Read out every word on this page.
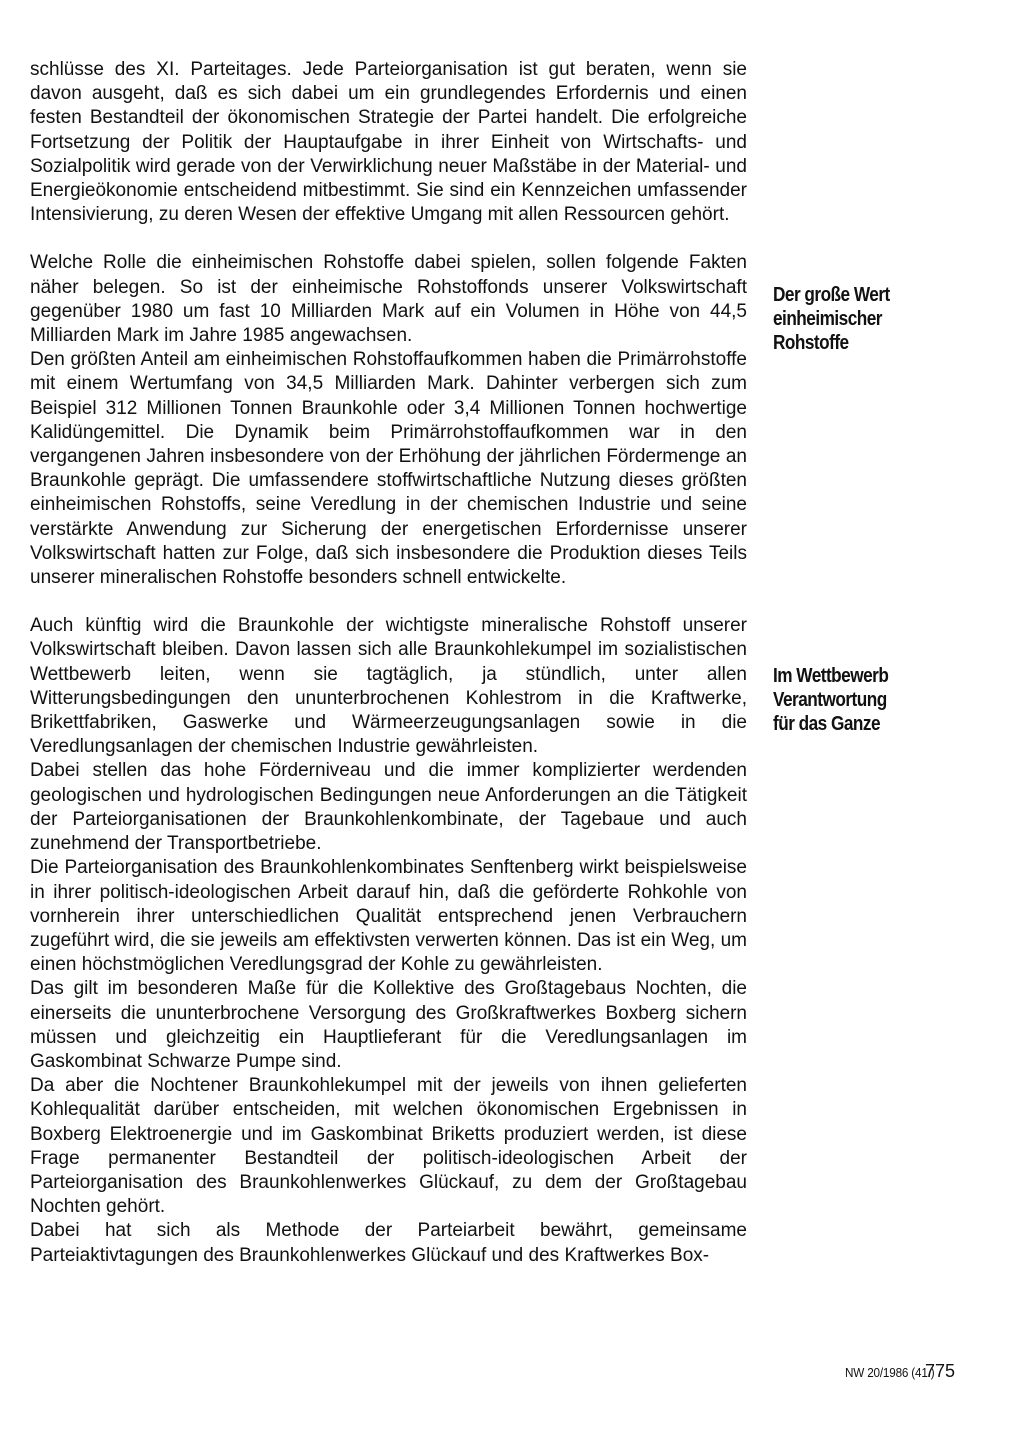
schlüsse des XI. Parteitages. Jede Parteiorganisation ist gut beraten, wenn sie davon ausgeht, daß es sich dabei um ein grundlegendes Erfordernis und einen festen Bestandteil der ökonomischen Strategie der Partei handelt. Die erfolgreiche Fortsetzung der Politik der Hauptaufgabe in ihrer Einheit von Wirtschafts- und Sozialpolitik wird gerade von der Verwirklichung neuer Maßstäbe in der Material- und Energieökonomie entscheidend mitbestimmt. Sie sind ein Kennzeichen umfassender Intensivierung, zu deren Wesen der effektive Umgang mit allen Ressourcen gehört.

Welche Rolle die einheimischen Rohstoffe dabei spielen, sollen folgende Fakten näher belegen. So ist der einheimische Rohstoffonds unserer Volkswirtschaft gegenüber 1980 um fast 10 Milliarden Mark auf ein Volumen in Höhe von 44,5 Milliarden Mark im Jahre 1985 angewachsen.

Den größten Anteil am einheimischen Rohstoffaufkommen haben die Primärrohstoffe mit einem Wertumfang von 34,5 Milliarden Mark. Dahinter verbergen sich zum Beispiel 312 Millionen Tonnen Braunkohle oder 3,4 Millionen Tonnen hochwertige Kalidüngemittel. Die Dynamik beim Primärrohstoffaufkommen war in den vergangenen Jahren insbesondere von der Erhöhung der jährlichen Fördermenge an Braunkohle geprägt. Die umfassendere stoffwirtschaftliche Nutzung dieses größten einheimischen Rohstoffs, seine Veredlung in der chemischen Industrie und seine verstärkte Anwendung zur Sicherung der energetischen Erfordernisse unserer Volkswirtschaft hatten zur Folge, daß sich insbesondere die Produktion dieses Teils unserer mineralischen Rohstoffe besonders schnell entwickelte.

Auch künftig wird die Braunkohle der wichtigste mineralische Rohstoff unserer Volkswirtschaft bleiben. Davon lassen sich alle Braunkohlekumpel im sozialistischen Wettbewerb leiten, wenn sie tagtäglich, ja stündlich, unter allen Witterungsbedingungen den ununterbrochenen Kohlestrom in die Kraftwerke, Brikettfabriken, Gaswerke und Wärmeerzeugungsanlagen sowie in die Veredlungsanlagen der chemischen Industrie gewährleisten.

Dabei stellen das hohe Förderniveau und die immer komplizierter werdenden geologischen und hydrologischen Bedingungen neue Anforderungen an die Tätigkeit der Parteiorganisationen der Braunkohlenkombinate, der Tagebaue und auch zunehmend der Transportbetriebe.

Die Parteiorganisation des Braunkohlenkombinates Senftenberg wirkt beispielsweise in ihrer politisch-ideologischen Arbeit darauf hin, daß die geförderte Rohkohle von vornherein ihrer unterschiedlichen Qualität entsprechend jenen Verbrauchern zugeführt wird, die sie jeweils am effektivsten verwerten können. Das ist ein Weg, um einen höchstmöglichen Veredlungsgrad der Kohle zu gewährleisten.

Das gilt im besonderen Maße für die Kollektive des Großtagebaus Nochten, die einerseits die ununterbrochene Versorgung des Großkraftwerkes Boxberg sichern müssen und gleichzeitig ein Hauptlieferant für die Veredlungsanlagen im Gaskombinat Schwarze Pumpe sind.

Da aber die Nochtener Braunkohlekumpel mit der jeweils von ihnen gelieferten Kohlequalität darüber entscheiden, mit welchen ökonomischen Ergebnissen in Boxberg Elektroenergie und im Gaskombinat Briketts produziert werden, ist diese Frage permanenter Bestandteil der politisch-ideologischen Arbeit der Parteiorganisation des Braunkohlenwerkes Glückauf, zu dem der Großtagebau Nochten gehört.

Dabei hat sich als Methode der Parteiarbeit bewährt, gemeinsame Parteiaktivtagungen des Braunkohlenwerkes Glückauf und des Kraftwerkes Box-

Der große Wert
einheimischer
Rohstoffe
Im Wettbewerb
Verantwortung
für das Ganze
NW 20/1986 (41.)
775
